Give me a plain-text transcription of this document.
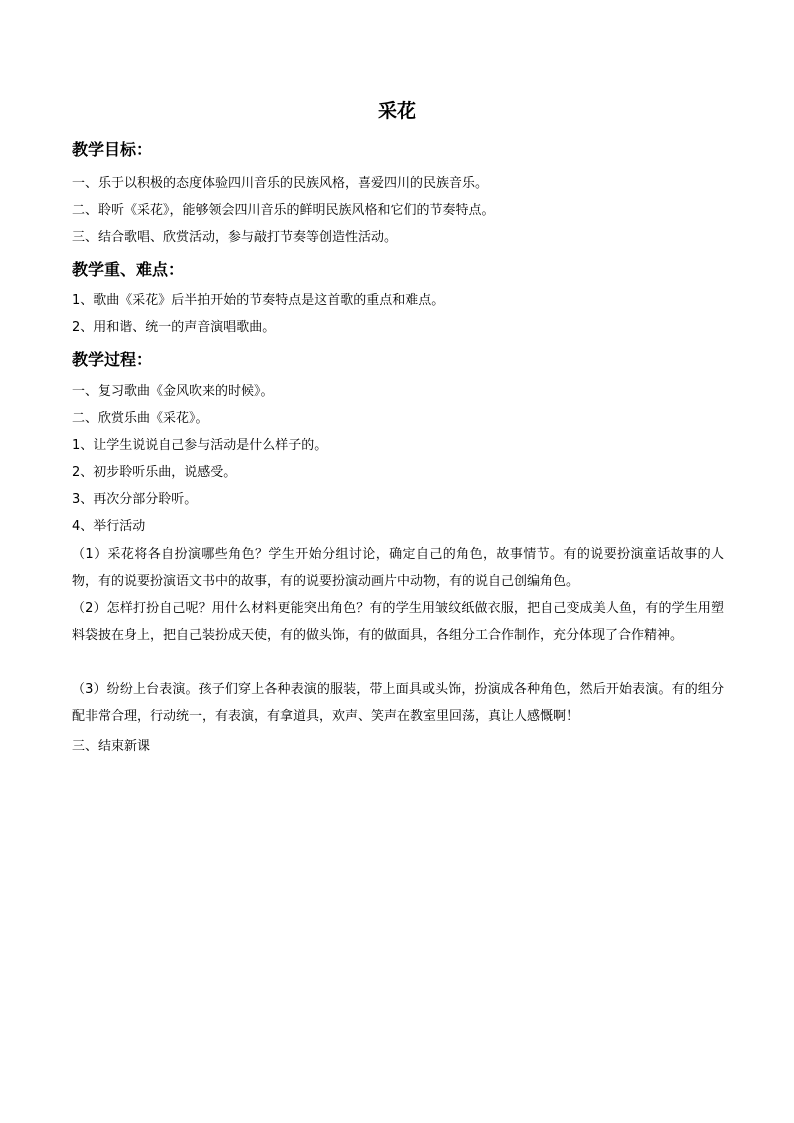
采花
教学目标：

一、乐于以积极的态度体验四川音乐的民族风格，喜爱四川的民族音乐。

二、聆听《采花》，能够领会四川音乐的鲜明民族风格和它们的节奏特点。

三、结合歌唱、欣赏活动，参与敲打节奏等创造性活动。

教学重、难点：

1、歌曲《采花》后半拍开始的节奏特点是这首歌的重点和难点。

2、用和谐、统一的声音演唱歌曲。

教学过程：

一、复习歌曲《金风吹来的时候》。

二、欣赏乐曲《采花》。

1、让学生说说自己参与活动是什么样子的。

2、初步聆听乐曲，说感受。

3、再次分部分聆听。

4、举行活动

（1）采花将各自扮演哪些角色？学生开始分组讨论，确定自己的角色，故事情节。有的说要扮演童话故事的人物，有的说要扮演语文书中的故事，有的说要扮演动画片中动物，有的说自己创编角色。

（2）怎样打扮自己呢？用什么材料更能突出角色？有的学生用皱纹纸做衣服，把自己变成美人鱼，有的学生用塑料袋披在身上，把自己装扮成天使，有的做头饰，有的做面具，各组分工合作制作，充分体现了合作精神。

（3）纷纷上台表演。孩子们穿上各种表演的服装，带上面具或头饰，扮演成各种角色，然后开始表演。有的组分配非常合理，行动统一，有表演，有拿道具，欢声、笑声在教室里回荡，真让人感慨啊！

三、结束新课
